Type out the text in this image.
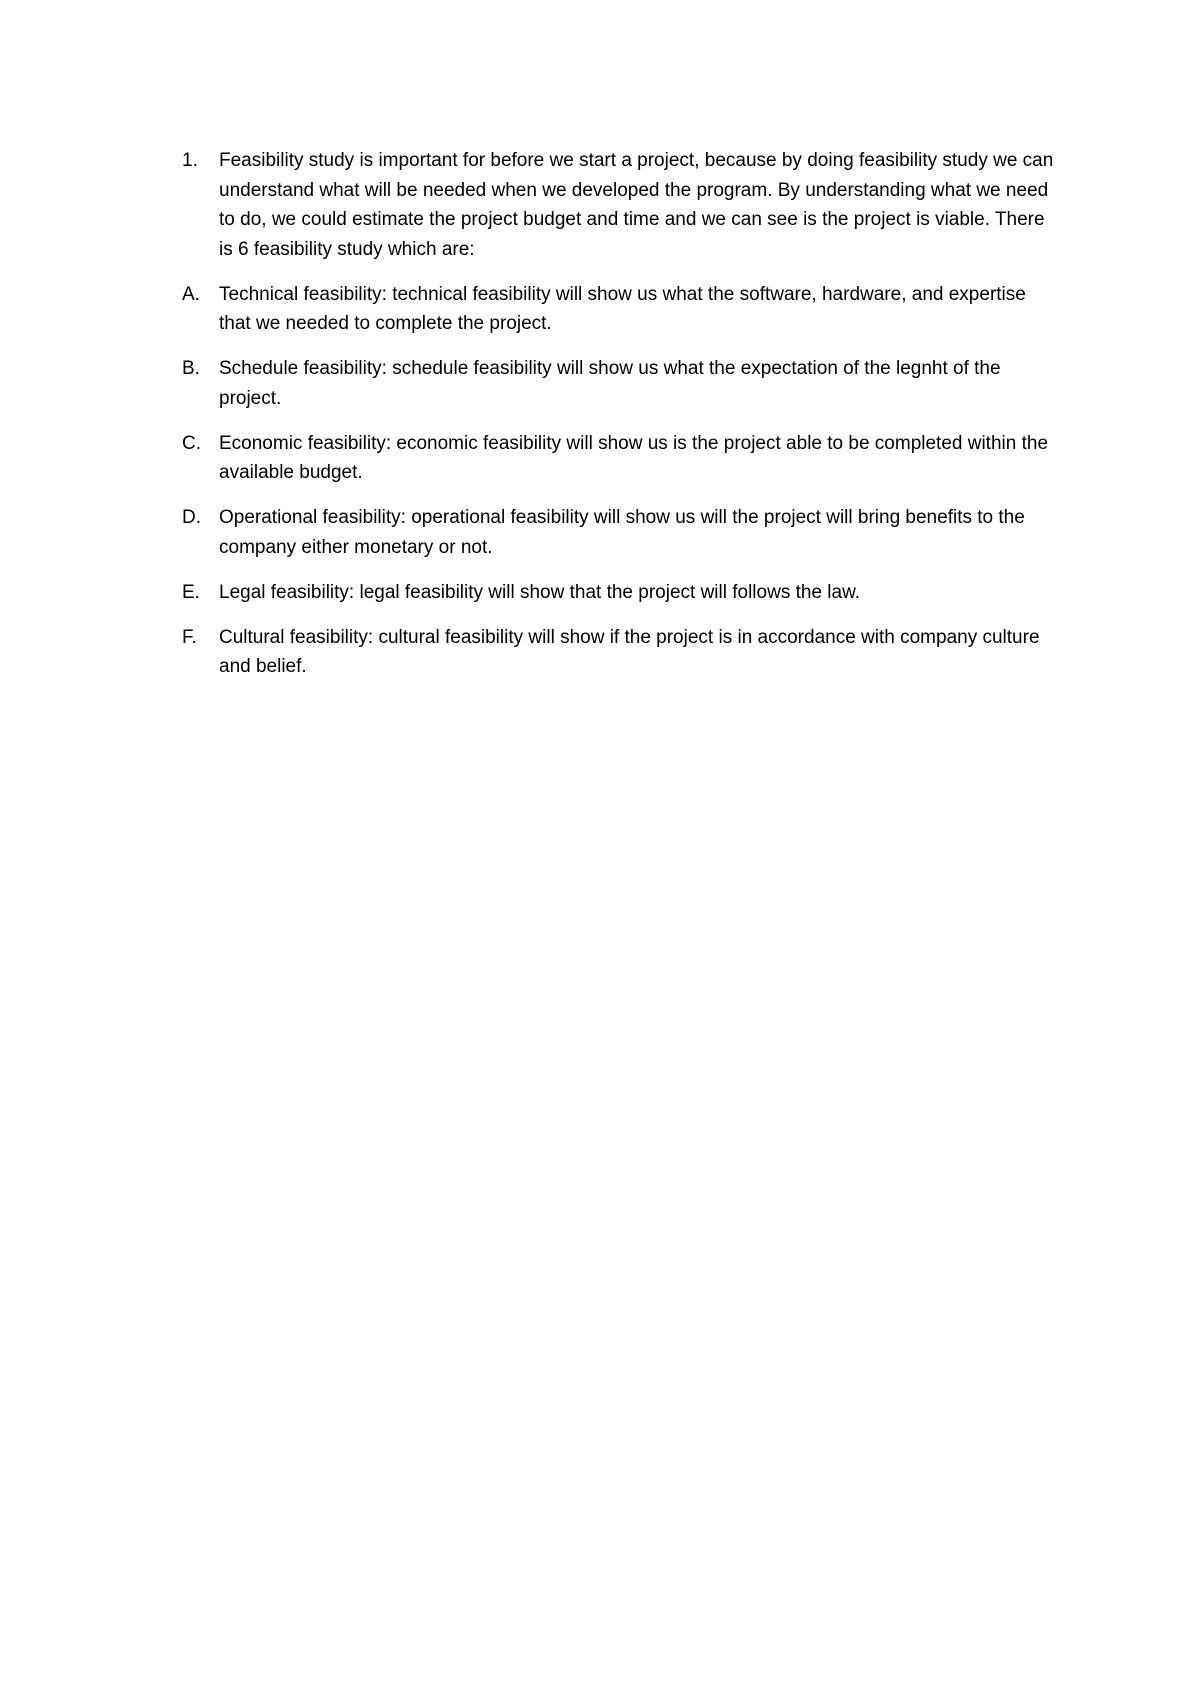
1.	Feasibility study is important for before we start a project, because by doing feasibility study we can understand what will be needed when we developed the program. By understanding what we need to do, we could estimate the project budget and time and we can see is the project is viable. There is 6 feasibility study which are:

A.	Technical feasibility: technical feasibility will show us what the software, hardware, and expertise that we needed to complete the project.

B.	Schedule feasibility: schedule feasibility will show us what the expectation of the legnht of the project.

C. Economic feasibility: economic feasibility will show us is the project able to be completed within the available budget.

D. Operational feasibility: operational feasibility will show us will the project will bring benefits to the company either monetary or not.

E.	Legal feasibility: legal feasibility will show that the project will follows the law.

F.	Cultural feasibility: cultural feasibility will show if the project is in accordance with company culture and belief.
